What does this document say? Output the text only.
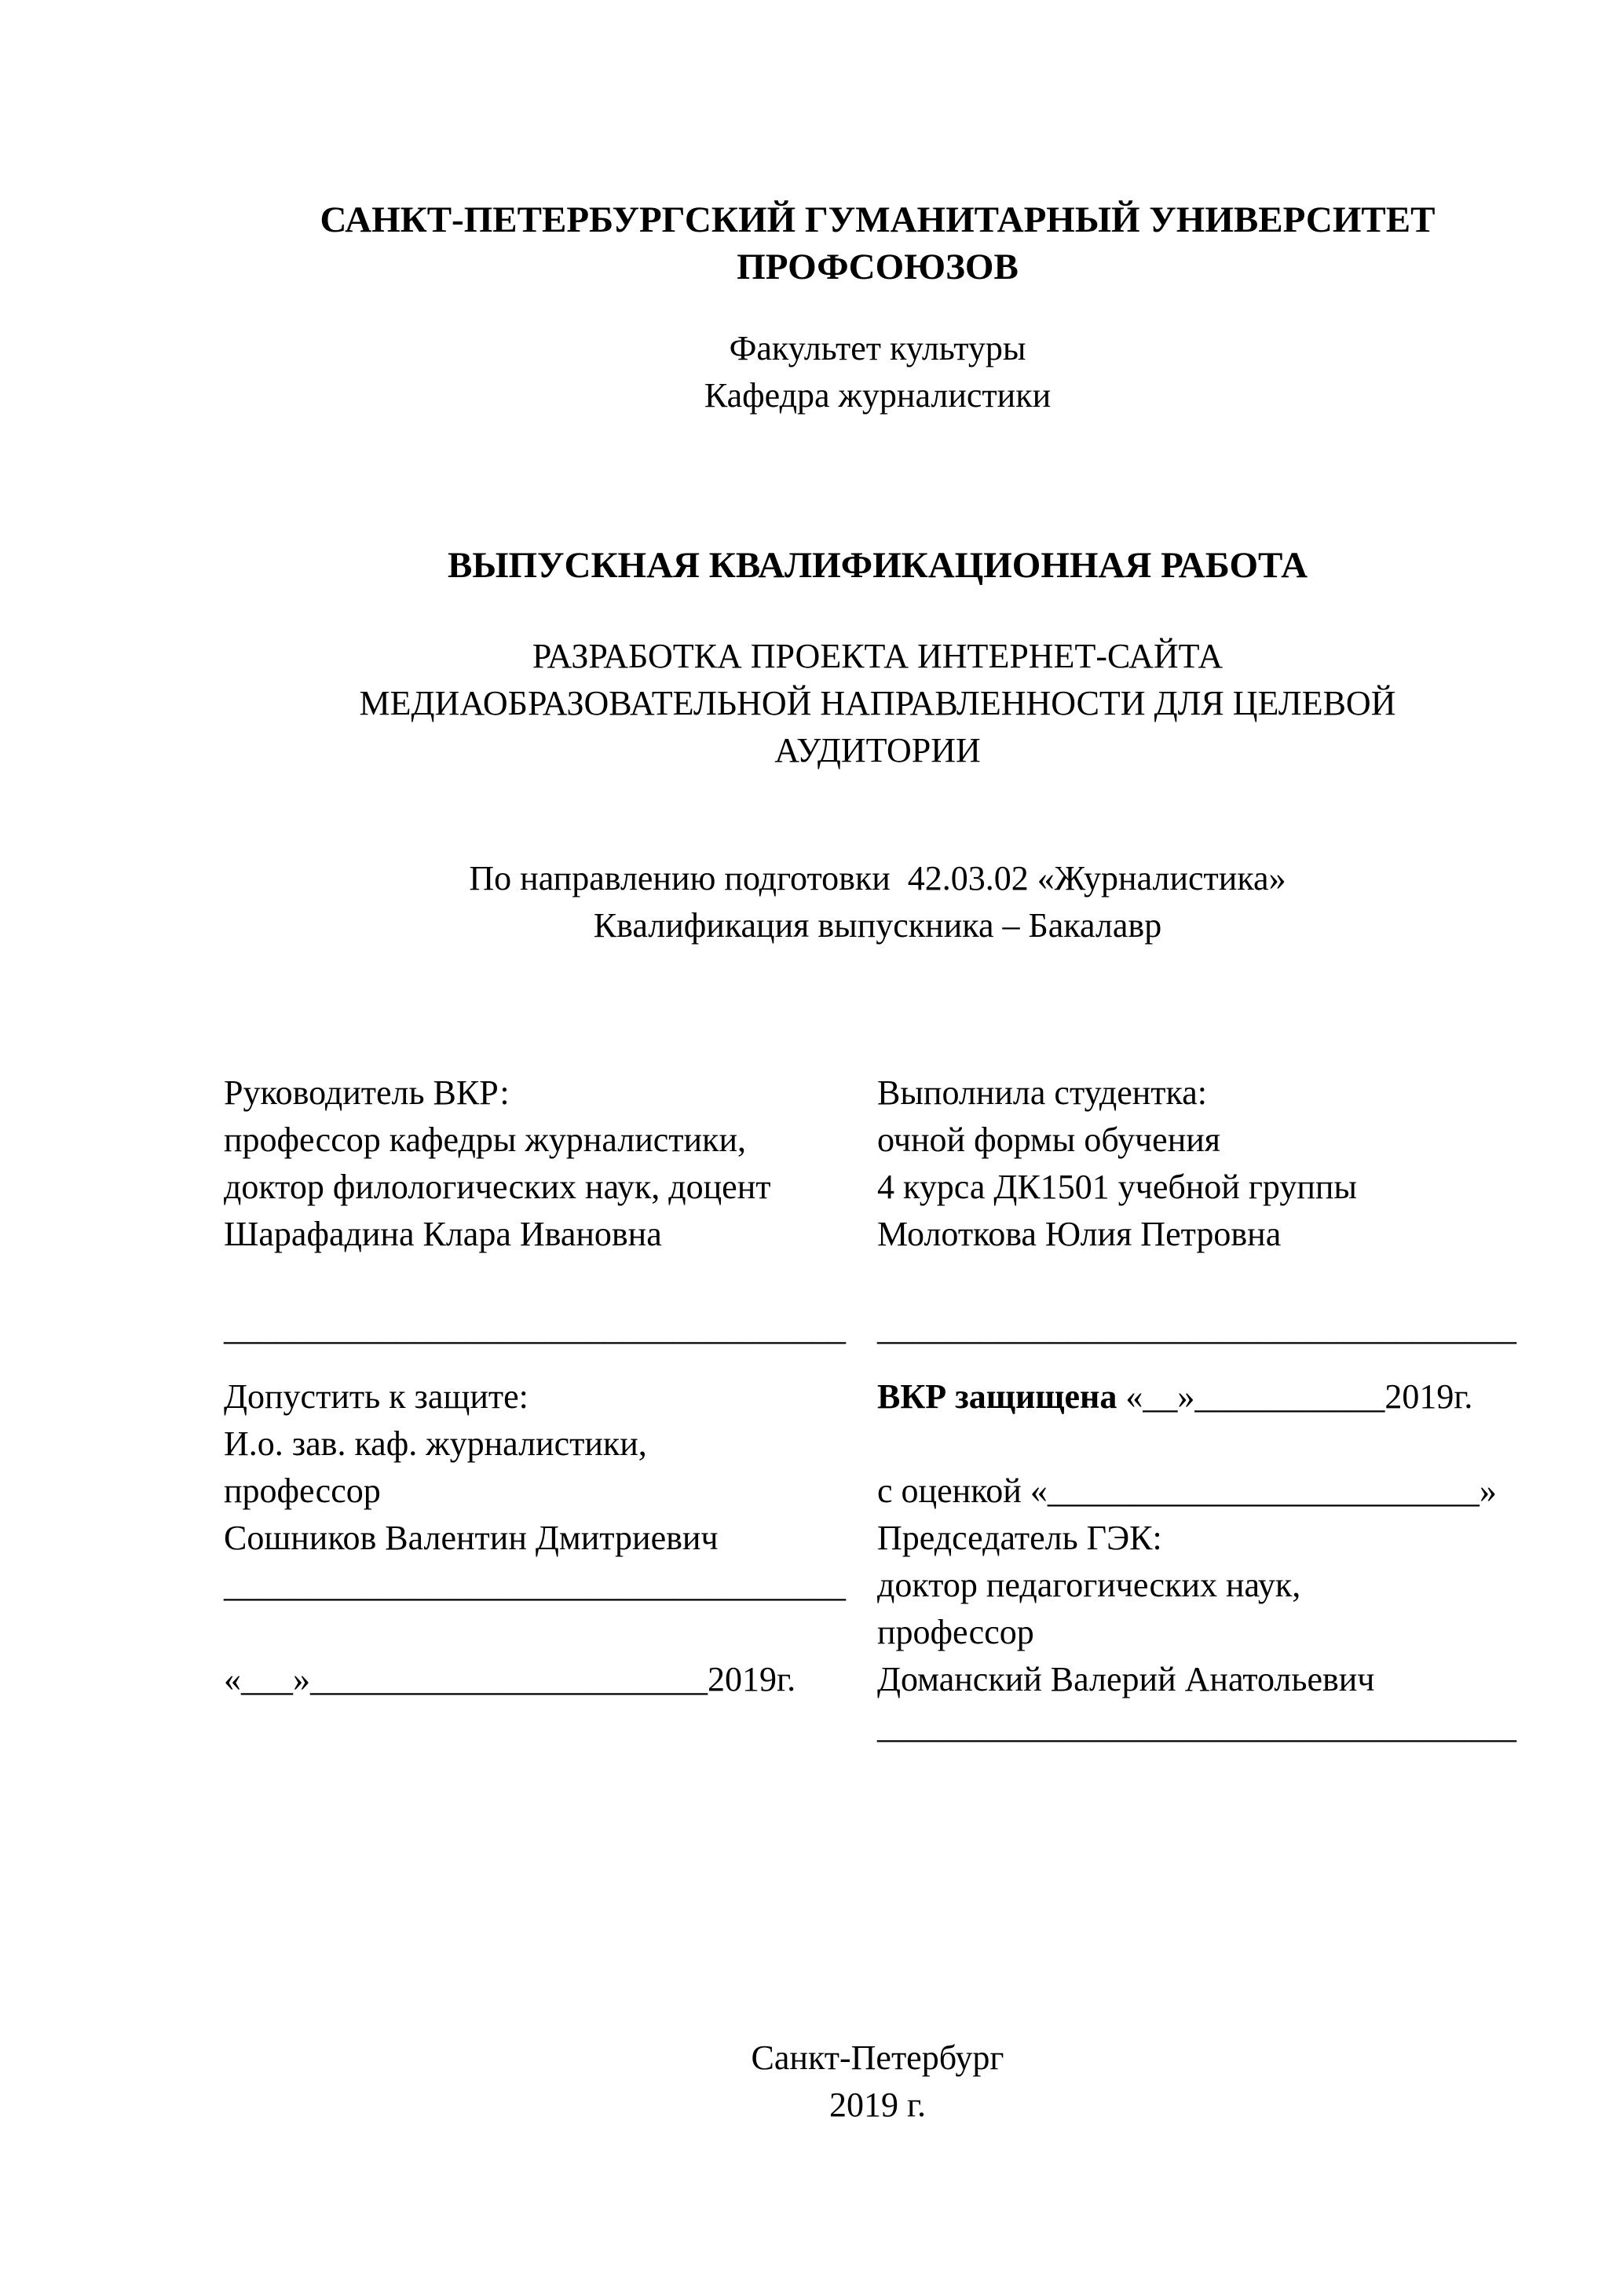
САНКТ-ПЕТЕРБУРГСКИЙ ГУМАНИТАРНЫЙ УНИВЕРСИТЕТ
ПРОФСОЮЗОВ
Факультет культуры
Кафедра журналистики
ВЫПУСКНАЯ КВАЛИФИКАЦИОННАЯ РАБОТА
РАЗРАБОТКА ПРОЕКТА ИНТЕРНЕТ-САЙТА
МЕДИАОБРАЗОВАТЕЛЬНОЙ НАПРАВЛЕННОСТИ ДЛЯ ЦЕЛЕВОЙ
АУДИТОРИИ
По направлению подготовки  42.03.02 «Журналистика»
Квалификация выпускника – Бакалавр
Руководитель ВКР:
профессор кафедры журналистики,
доктор филологических наук, доцент
Шарафадина Клара Ивановна
____________________________________
Выполнила студентка:
очной формы обучения
4 курса ДК1501 учебной группы
Молоткова Юлия Петровна
_____________________________________
Допустить к защите:
И.о. зав. каф. журналистики,
профессор
Сошников Валентин Дмитриевич
____________________________________
«___»_______________________2019г.
ВКР защищена «__»___________2019г.
с оценкой «_________________________»
Председатель ГЭК:
доктор педагогических наук,
профессор
Доманский Валерий Анатольевич
_____________________________________
Санкт-Петербург
2019 г.
